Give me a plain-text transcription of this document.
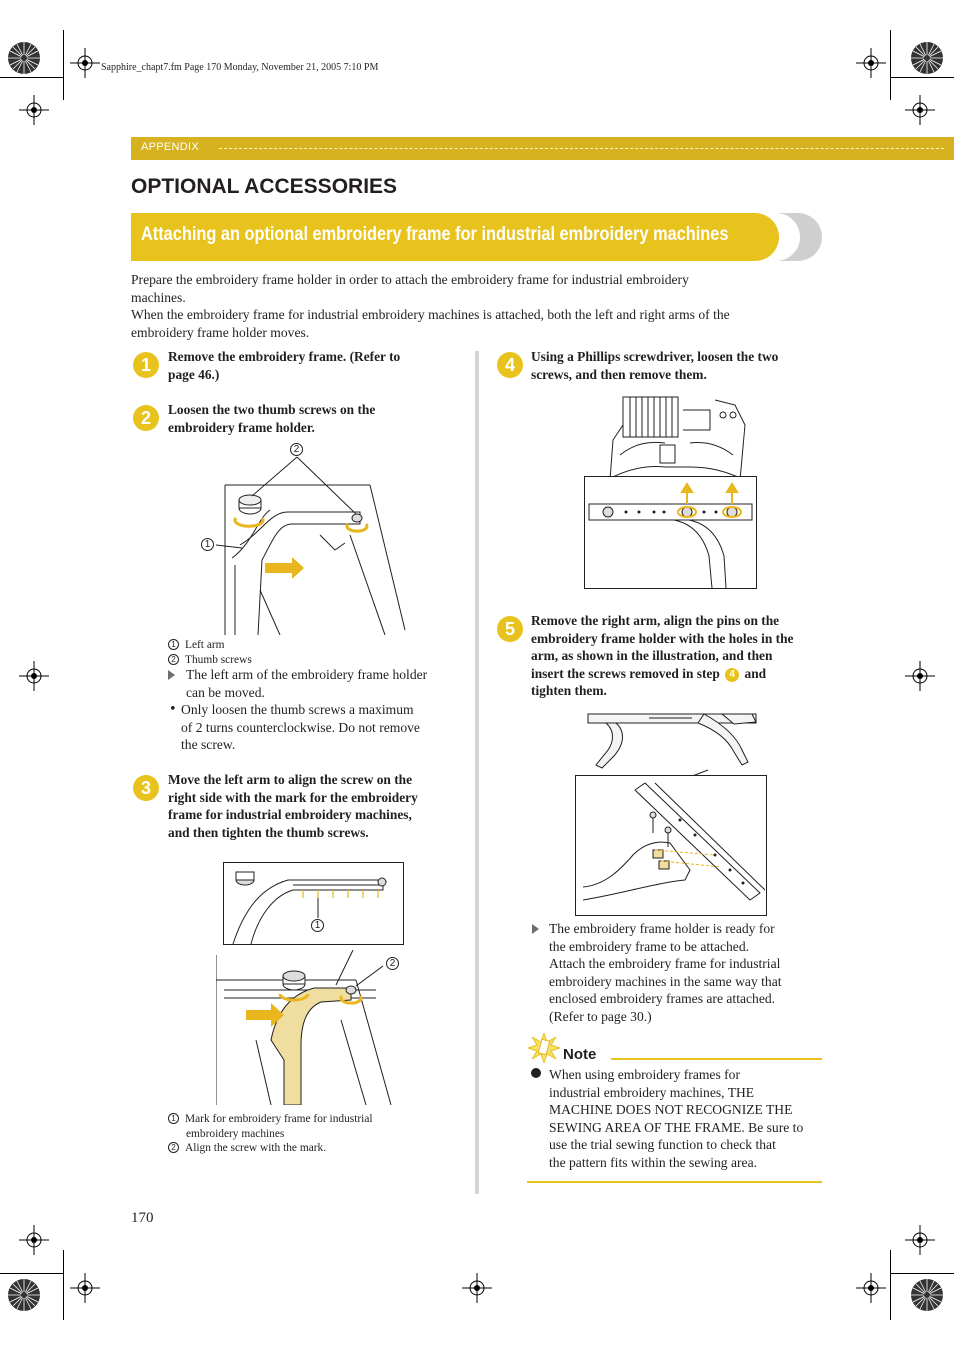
Sapphire_chapt7.fm Page 170 Monday, November 21, 2005 7:10 PM
APPENDIX
OPTIONAL ACCESSORIES
Attaching an optional embroidery frame for industrial embroidery machines
Prepare the embroidery frame holder in order to attach the embroidery frame for industrial embroidery
machines.
When the embroidery frame for industrial embroidery machines is attached, both the left and right arms of the
embroidery frame holder moves.
1	Remove the embroidery frame. (Refer to
page 46.)
2	Loosen the two thumb screws on the
embroidery frame holder.
2
1
1 Left arm
2 Thumb screws
The left arm of the embroidery frame holder
can be moved.
• Only loosen the thumb screws a maximum
of 2 turns counterclockwise. Do not remove
the screw.
3	Move the left arm to align the screw on the
right side with the mark for the embroidery
frame for industrial embroidery machines,
and then tighten the thumb screws.
1
2
1 Mark for embroidery frame for industrial
embroidery machines
2 Align the screw with the mark.
4	Using a Phillips screwdriver, loosen the two
screws, and then remove them.
5	Remove the right arm, align the pins on the
embroidery frame holder with the holes in the
arm, as shown in the illustration, and then
insert the screws removed in step 4 and
tighten them.
The embroidery frame holder is ready for
the embroidery frame to be attached.
Attach the embroidery frame for industrial
embroidery machines in the same way that
enclosed embroidery frames are attached.
(Refer to page 30.)
Note
When using embroidery frames for
industrial embroidery machines, THE
MACHINE DOES NOT RECOGNIZE THE
SEWING AREA OF THE FRAME. Be sure to
use the trial sewing function to check that
the pattern fits within the sewing area.
170
